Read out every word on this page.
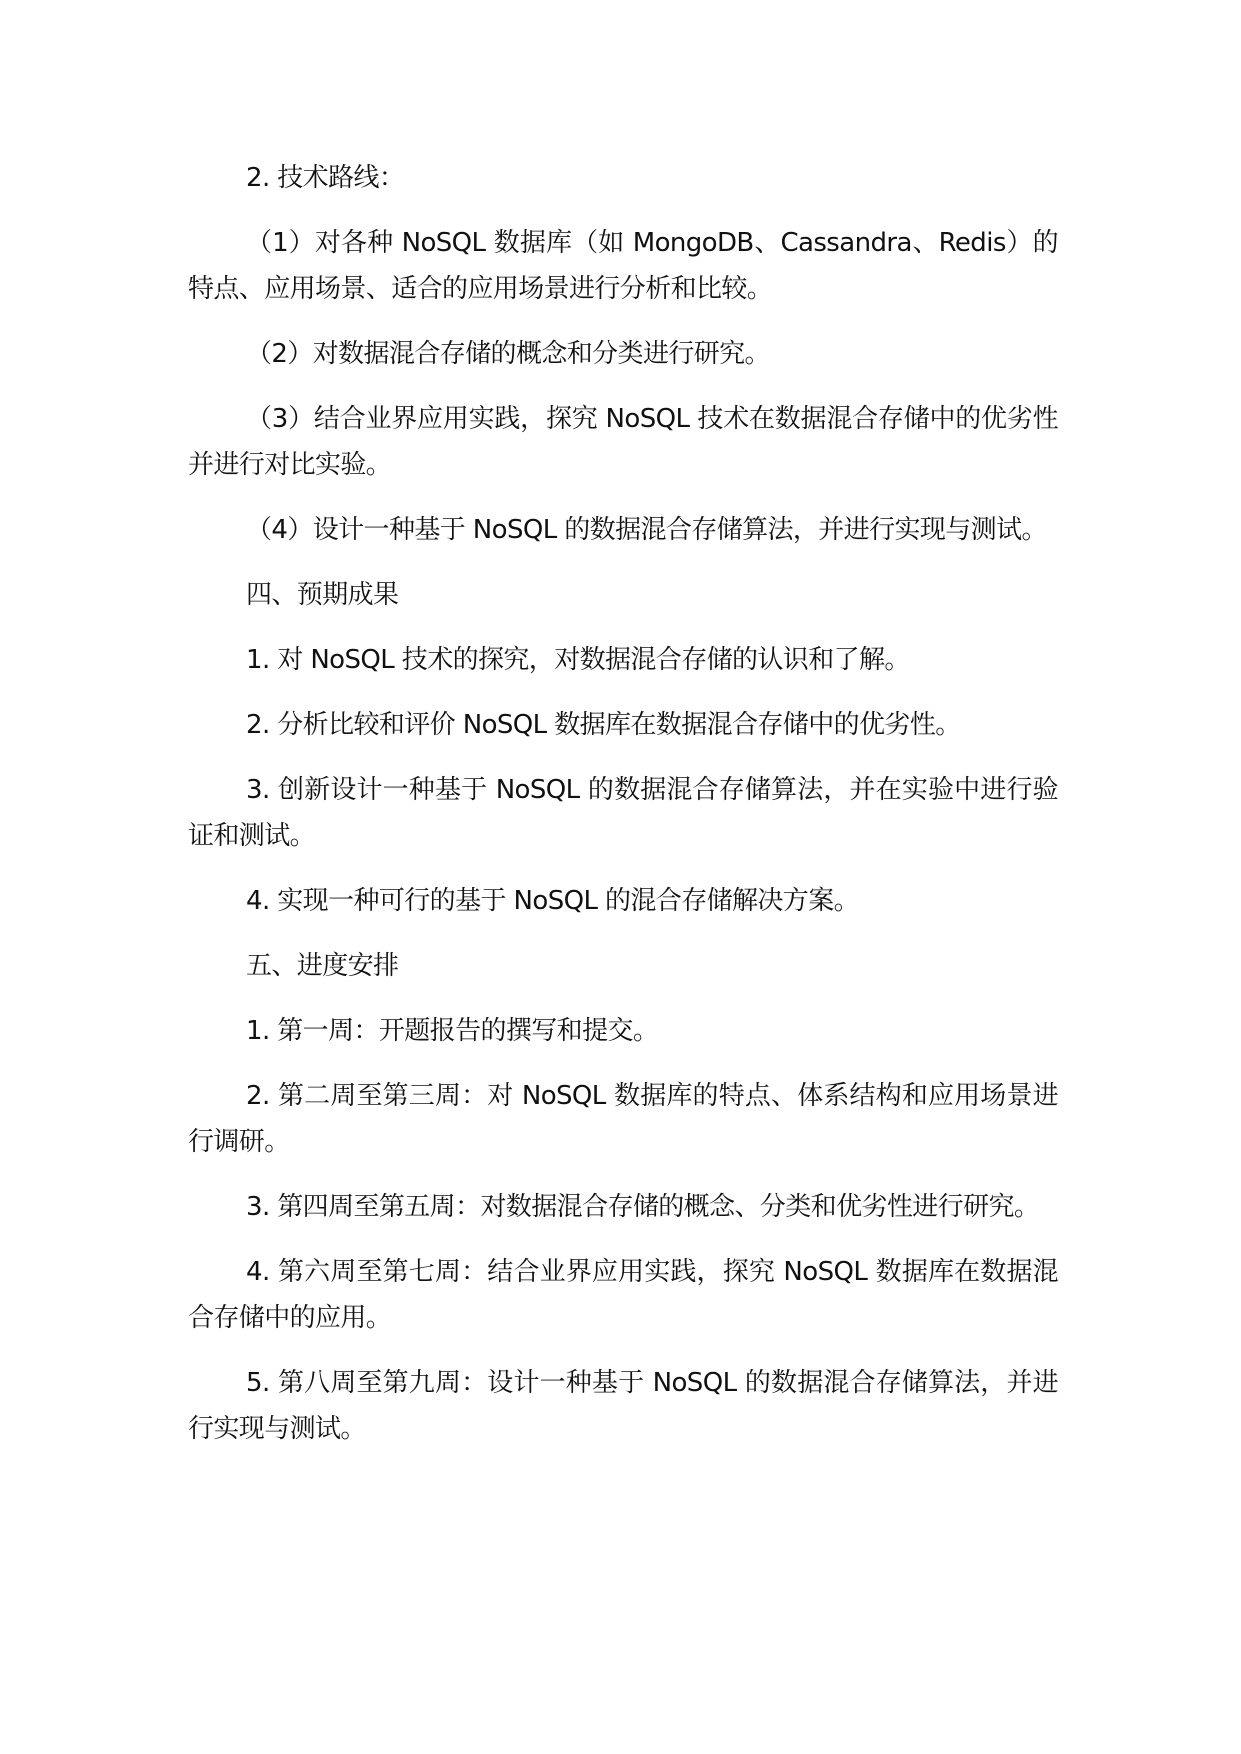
2. 技术路线：

（1）对各种 NoSQL 数据库（如 MongoDB、Cassandra、Redis）的特点、应用场景、适合的应用场景进行分析和比较。

（2）对数据混合存储的概念和分类进行研究。

（3）结合业界应用实践，探究 NoSQL 技术在数据混合存储中的优劣性并进行对比实验。

（4）设计一种基于 NoSQL 的数据混合存储算法，并进行实现与测试。

四、预期成果

1. 对 NoSQL 技术的探究，对数据混合存储的认识和了解。

2. 分析比较和评价 NoSQL 数据库在数据混合存储中的优劣性。

3. 创新设计一种基于 NoSQL 的数据混合存储算法，并在实验中进行验证和测试。

4. 实现一种可行的基于 NoSQL 的混合存储解决方案。

五、进度安排

1. 第一周：开题报告的撰写和提交。

2. 第二周至第三周：对 NoSQL 数据库的特点、体系结构和应用场景进行调研。

3. 第四周至第五周：对数据混合存储的概念、分类和优劣性进行研究。

4. 第六周至第七周：结合业界应用实践，探究 NoSQL 数据库在数据混合存储中的应用。

5. 第八周至第九周：设计一种基于 NoSQL 的数据混合存储算法，并进行实现与测试。
